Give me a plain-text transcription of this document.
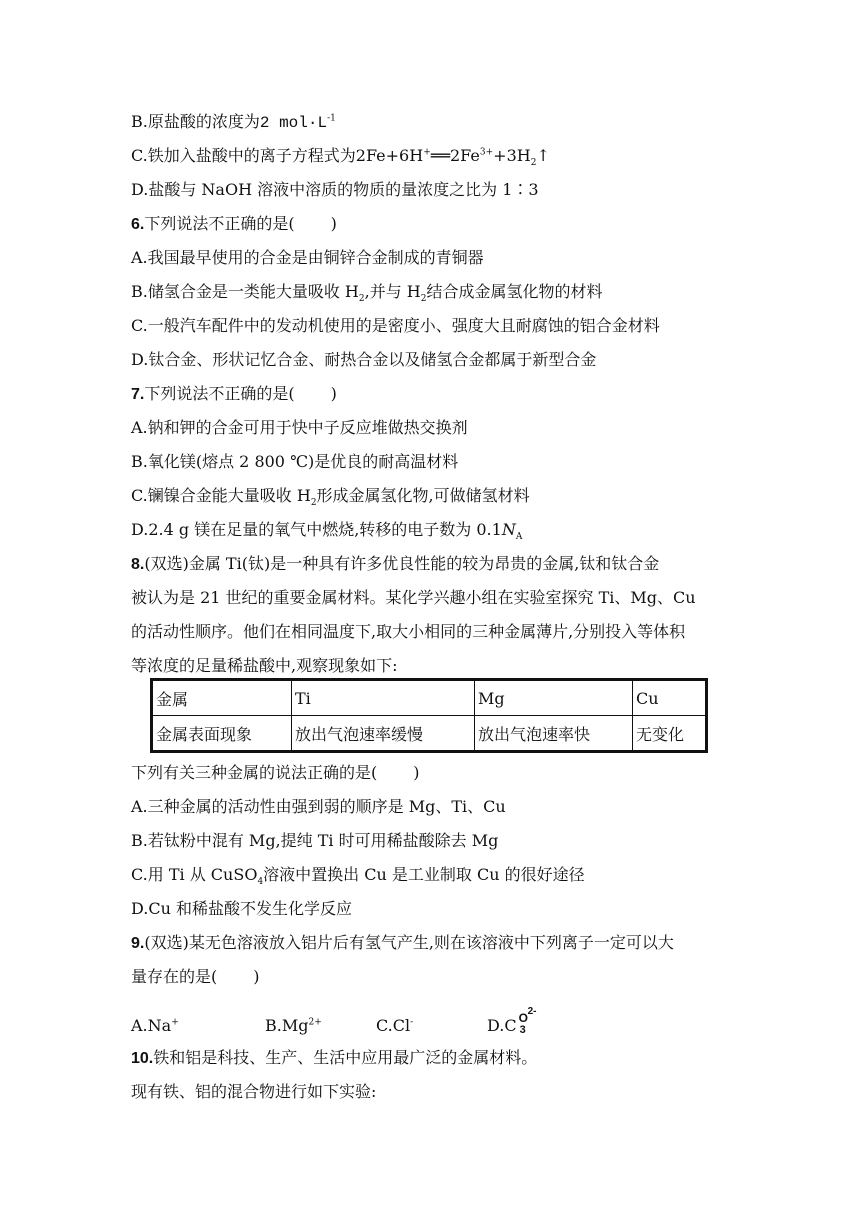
B.原盐酸的浓度为2 $mol\cdot L^{-1}$
C.铁加入盐酸中的离子方程式为$2Fe+6H^+══2Fe^{3+}+3H_2↑$
D.盐酸与 NaOH 溶液中溶质的物质的量浓度之比为 1∶3
6.下列说法不正确的是( )
A.我国最早使用的合金是由铜锌合金制成的青铜器
B.储氢合金是一类能大量吸收 $H_2$,并与 $H_2$结合成金属氢化物的材料
C.一般汽车配件中的发动机使用的是密度小、强度大且耐腐蚀的铝合金材料
D.钛合金、形状记忆合金、耐热合金以及储氢合金都属于新型合金
7.下列说法不正确的是( )
A.钠和钾的合金可用于快中子反应堆做热交换剂
B.氧化镁(熔点 2 800 ℃)是优良的耐高温材料
C.镧镍合金能大量吸收 $H_2$形成金属氢化物,可做储氢材料
D.2.4 g 镁在足量的氧气中燃烧,转移的电子数为 $0.1N_A$
8.(双选)金属 Ti(钛)是一种具有许多优良性能的较为昂贵的金属,钛和钛合金
被认为是 21 世纪的重要金属材料。某化学兴趣小组在实验室探究 Ti、Mg、Cu
的活动性顺序。他们在相同温度下,取大小相同的三种金属薄片,分别投入等体积
等浓度的足量稀盐酸中,观察现象如下:
金属	Ti	Mg	Cu
金属表面现象	放出气泡速率缓慢	放出气泡速率快	无变化
下列有关三种金属的说法正确的是( )
A.三种金属的活动性由强到弱的顺序是 Mg、Ti、Cu
B.若钛粉中混有 Mg,提纯 Ti 时可用稀盐酸除去 Mg
C.用 Ti 从 CuSO$_4$溶液中置换出 Cu 是工业制取 Cu 的很好途径
D.Cu 和稀盐酸不发生化学反应
9.(双选)某无色溶液放入铝片后有氢气产生,则在该溶液中下列离子一定可以大
量存在的是( )
A.Na+	$B.Mg^{2+}$	C.Cl-	D.C O
3
2-
10.铁和铝是科技、生产、生活中应用最广泛的金属材料。
现有铁、铝的混合物进行如下实验:
